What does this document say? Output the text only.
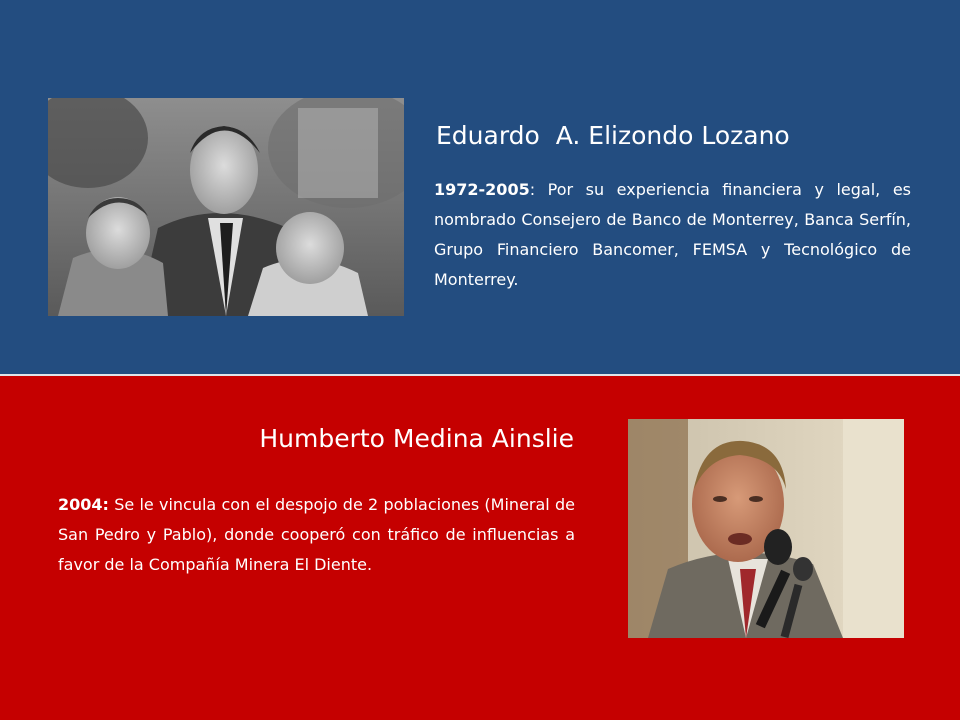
Eduardo  A. Elizondo Lozano

1972-2005: Por su experiencia financiera y legal, es nombrado Consejero de Banco de Monterrey, Banca Serfín, Grupo Financiero Bancomer, FEMSA y Tecnológico de Monterrey.

Humberto Medina Ainslie

2004: Se le vincula con el despojo de 2 poblaciones (Mineral de San Pedro y Pablo), donde cooperó con tráfico de influencias a favor de la Compañía Minera El Diente.
